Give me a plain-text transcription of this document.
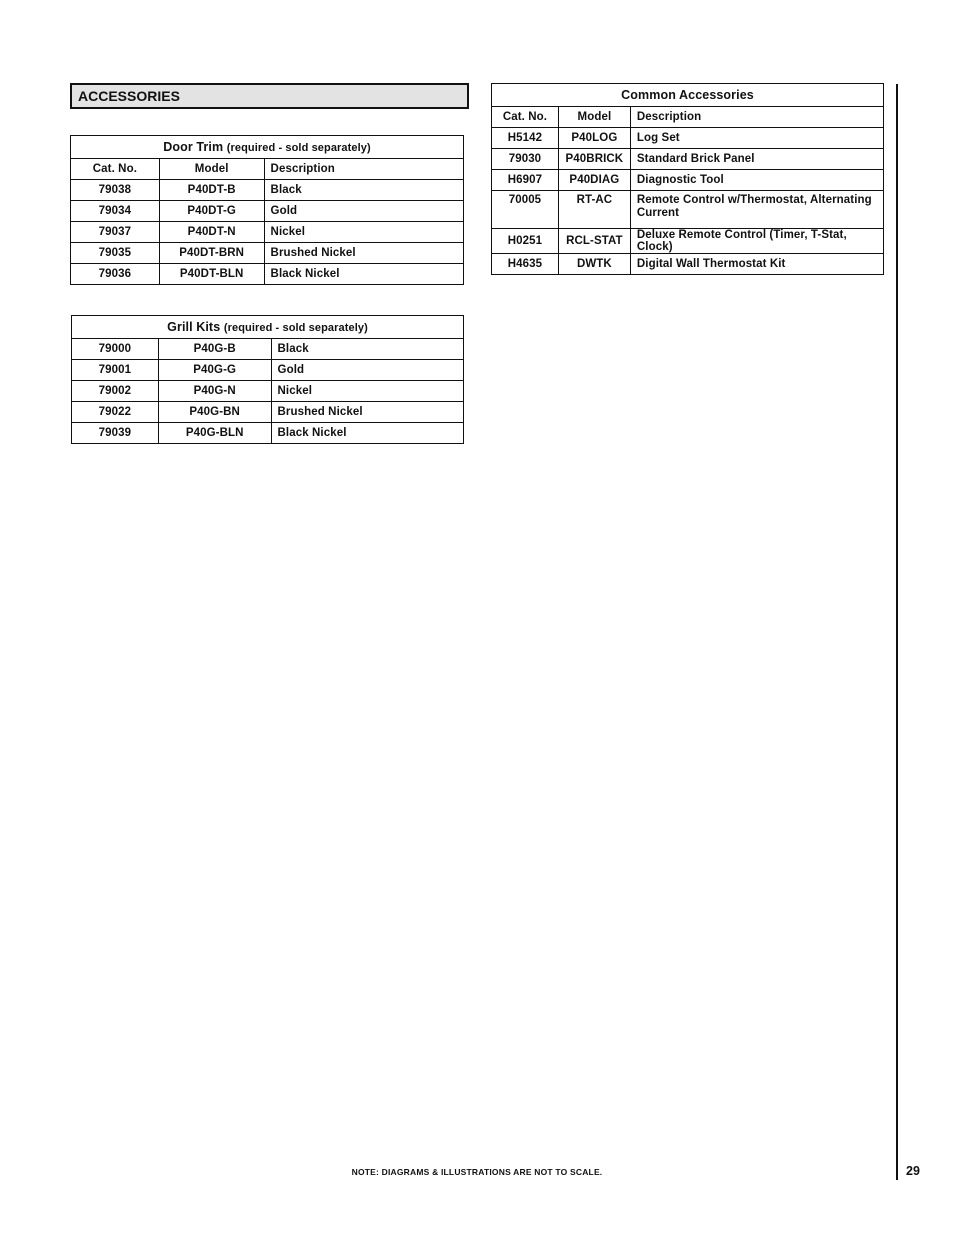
ACCESSORIES
Door Trim (required - sold separately)		
Cat. No.	Model	Description
79038	P40DT-B	Black
79034	P40DT-G	Gold
79037	P40DT-N	Nickel
79035	P40DT-BRN	Brushed Nickel
79036	P40DT-BLN	Black Nickel
Grill Kits (required - sold separately)		
79000	P40G-B	Black
79001	P40G-G	Gold
79002	P40G-N	Nickel
79022	P40G-BN	Brushed Nickel
79039	P40G-BLN	Black Nickel
Common Accessories		
Cat. No.	Model	Description
H5142	P40LOG	Log Set
79030	P40BRICK	Standard Brick Panel
H6907	P40DIAG	Diagnostic Tool
70005	RT-AC	Remote Control w/Thermostat, Alternating Current
H0251	RCL-STAT	Deluxe Remote Control (Timer, T-Stat, Clock)
H4635	DWTK	Digital Wall Thermostat Kit
NOTE: DIAGRAMS & ILLUSTRATIONS ARE NOT TO SCALE.	29
